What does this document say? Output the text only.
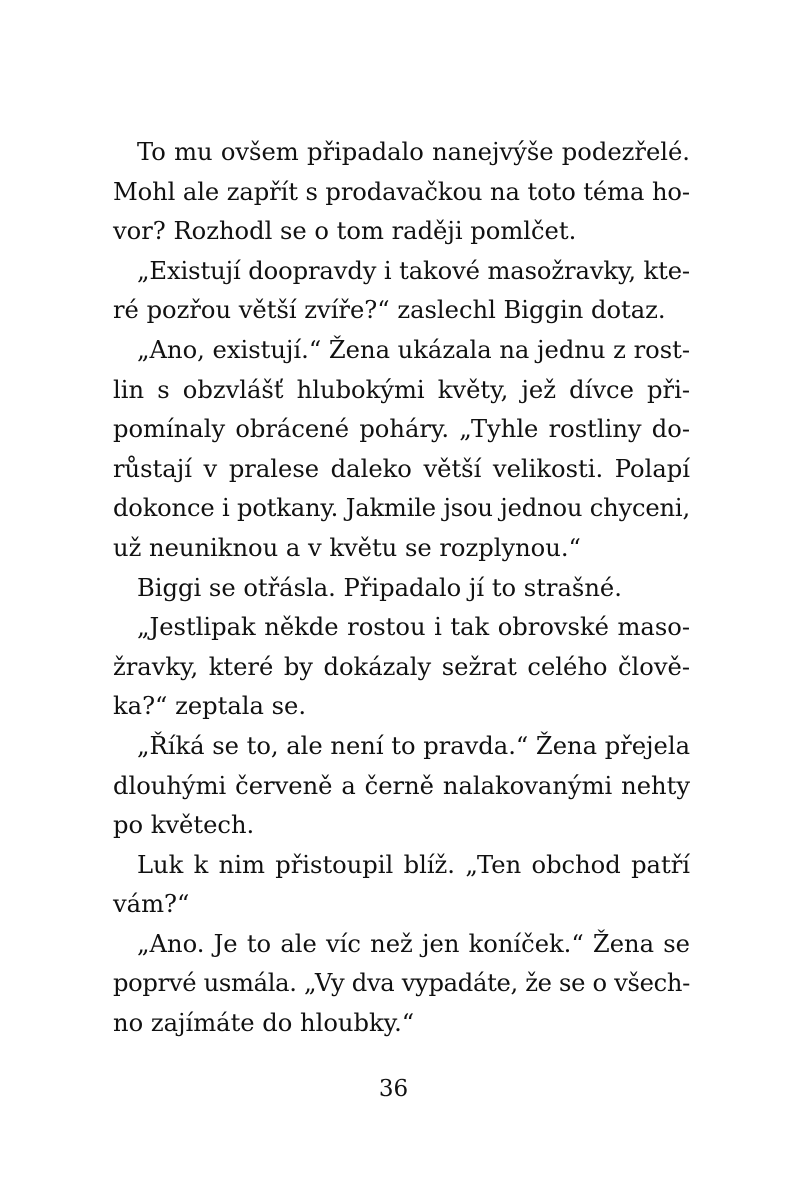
To mu ovšem připadalo nanejvýše podezřelé.
Mohl ale zapřít s prodavačkou na toto téma ho-
vor? Rozhodl se o tom raději pomlčet.
„Existují doopravdy i takové masožravky, kte-
ré pozřou větší zvíře?“ zaslechl Biggin dotaz.
„Ano, existují.“ Žena ukázala na jednu z rost-
lin s obzvlášť hlubokými květy, jež dívce při-
pomínaly obrácené poháry. „Tyhle rostliny do-
růstají v pralese daleko větší velikosti. Polapí
dokonce i potkany. Jakmile jsou jednou chyceni,
už neuniknou a v květu se rozplynou.“
Biggi se otřásla. Připadalo jí to strašné.
„Jestlipak někde rostou i tak obrovské maso-
žravky, které by dokázaly sežrat celého člově-
ka?“ zeptala se.
„Říká se to, ale není to pravda.“ Žena přejela
dlouhými červeně a černě nalakovanými nehty
po květech.
Luk k nim přistoupil blíž. „Ten obchod patří
vám?“
„Ano. Je to ale víc než jen koníček.“ Žena se
poprvé usmála. „Vy dva vypadáte, že se o všech-
no zajímáte do hloubky.“
36
